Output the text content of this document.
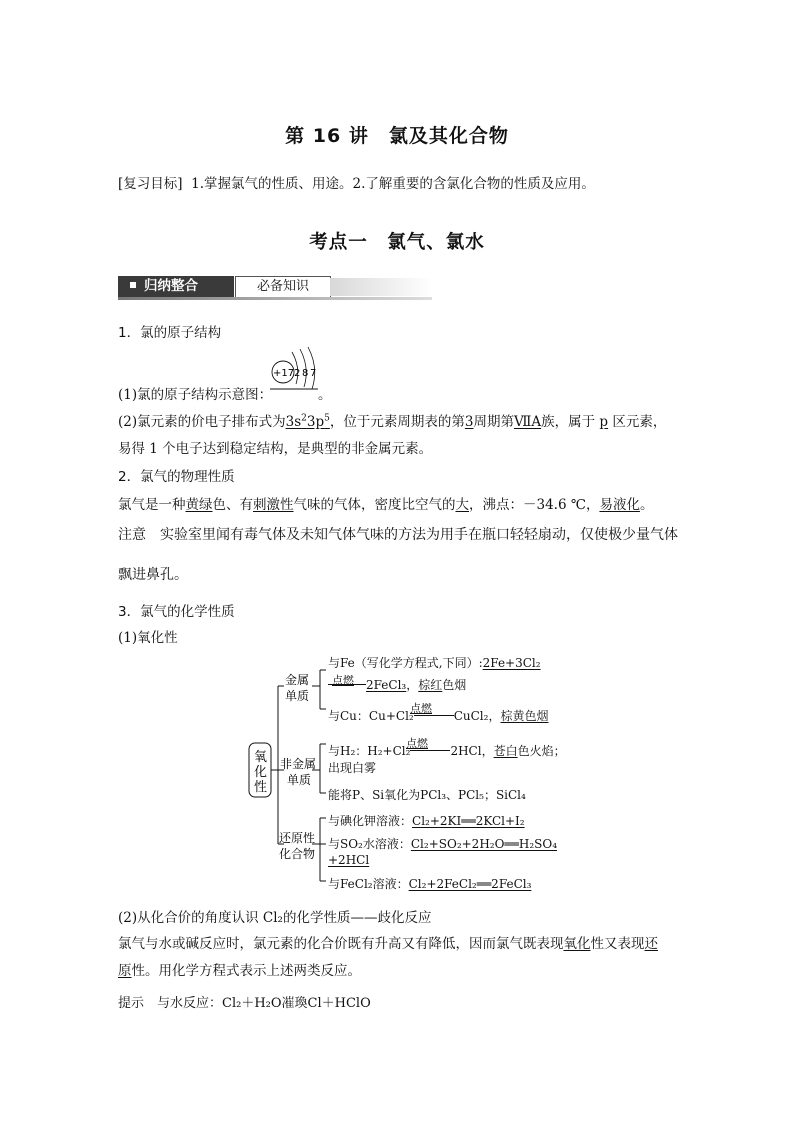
第 16 讲　氯及其化合物
[复习目标] 1.掌握氯气的性质、用途。2.了解重要的含氯化合物的性质及应用。
考点一　氯气、氯水
归纳整合	必备知识
1．氯的原子结构
+17 2 8 7
(1)氯的原子结构示意图：	。
(2)氯元素的价电子排布式为$3s^23p^5$，位于元素周期表的第3周期第ⅦA族，属于 p 区元素，
易得 1 个电子达到稳定结构，是典型的非金属元素。
2．氯气的物理性质
氯气是一种黄绿色、有刺激性气味的气体，密度比空气的大，沸点：－34.6 ℃，易液化。
注意　实验室里闻有毒气体及未知气体气味的方法为用手在瓶口轻轻扇动，仅使极少量气体
飘进鼻孔。
3．氯气的化学性质
(1)氧化性
氧
化
性
金属
单质
非金属
单质
还原性
化合物
与Fe（写化学方程式,下同）:2Fe+3Cl₂
点燃	2FeCl₃，棕红色烟
点燃
与Cu：Cu+Cl₂	CuCl₂，棕黄色烟
点燃
与H₂：H₂+Cl₂	2HCl，苍白色火焰；
出现白雾
能将P、Si氧化为PCl₃、PCl₅；SiCl₄
与碘化钾溶液：Cl₂+2KI══2KCl+I₂
与SO₂水溶液：Cl₂+SO₂+2H₂O══H₂SO₄
+2HCl
与FeCl₂溶液：Cl₂+2FeCl₂══2FeCl₃
(2)从化合价的角度认识 Cl₂的化学性质——歧化反应
氯气与水或碱反应时，氯元素的化合价既有升高又有降低，因而氯气既表现氧化性又表现还
原性。用化学方程式表示上述两类反应。
提示　与水反应：Cl₂＋H₂O凗瑍Cl＋HClO
